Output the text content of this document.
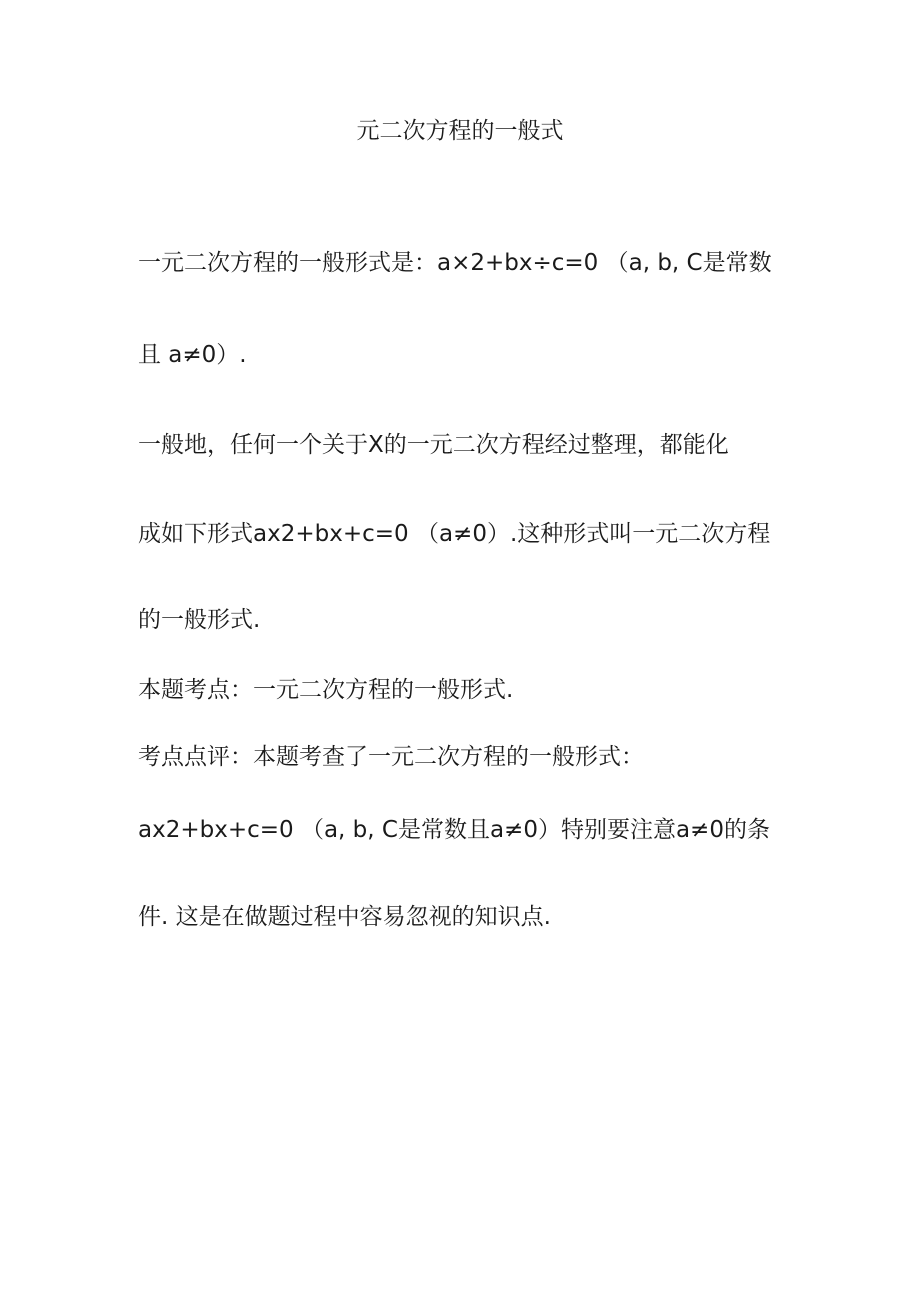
元二次方程的一般式
一元二次方程的一般形式是：a×2+bx÷c=0 （a, b, C是常数
且 a≠0）.
一般地，任何一个关于X的一元二次方程经过整理，都能化
成如下形式ax2+bx+c=0 （a≠0）.这种形式叫一元二次方程
的一般形式.
本题考点：一元二次方程的一般形式.
考点点评：本题考查了一元二次方程的一般形式：
ax2+bx+c=0 （a, b, C是常数且a≠0）特别要注意a≠0的条
件. 这是在做题过程中容易忽视的知识点.
